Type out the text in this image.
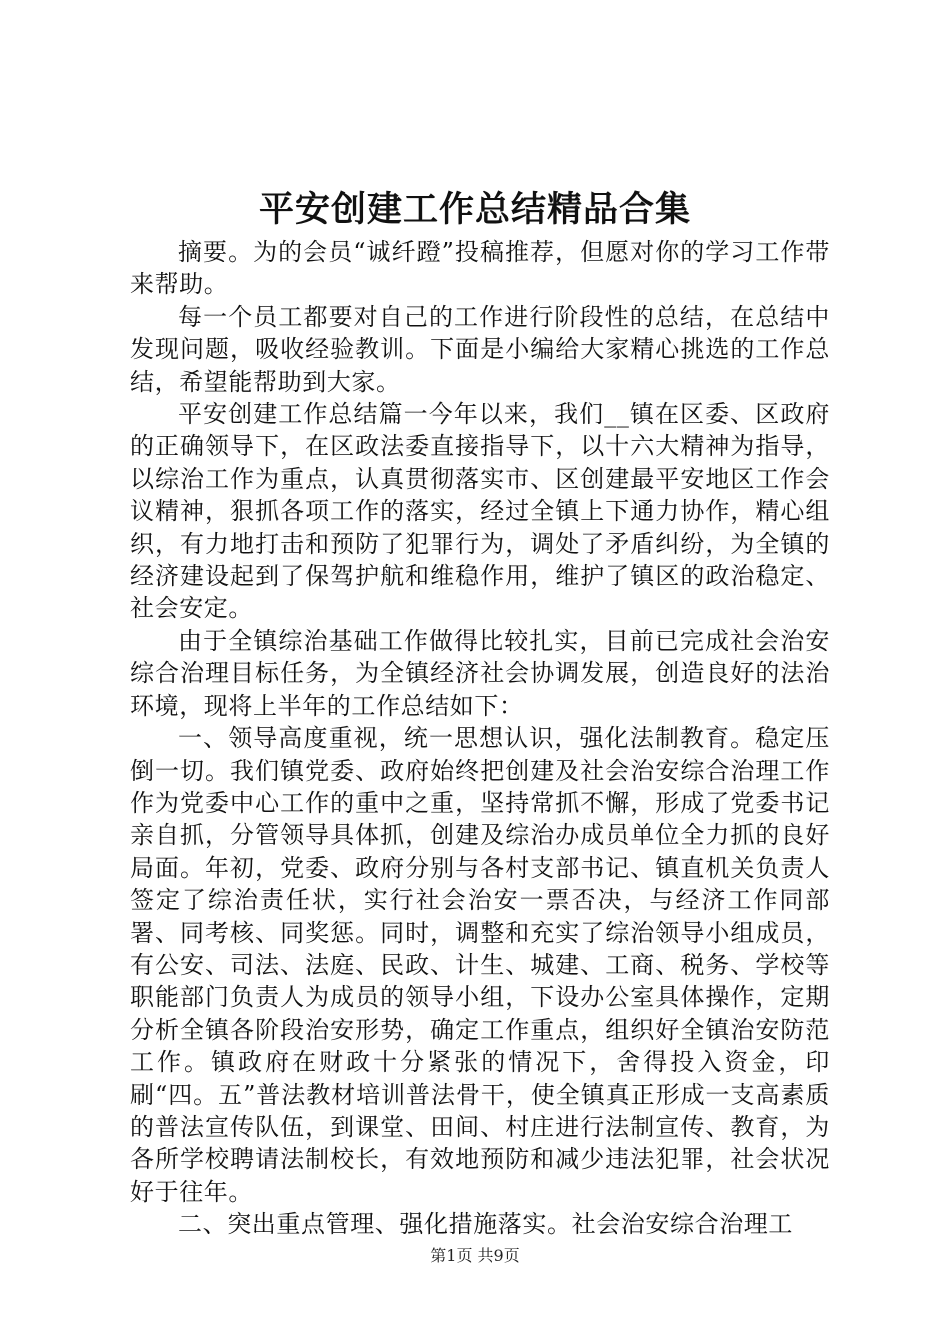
平安创建工作总结精品合集

摘要。为的会员“诚纤蹬”投稿推荐，但愿对你的学习工作带来帮助。

每一个员工都要对自己的工作进行阶段性的总结，在总结中发现问题，吸收经验教训。下面是小编给大家精心挑选的工作总结，希望能帮助到大家。

平安创建工作总结篇一今年以来，我们__镇在区委、区政府的正确领导下，在区政法委直接指导下，以十六大精神为指导，以综治工作为重点，认真贯彻落实市、区创建最平安地区工作会议精神，狠抓各项工作的落实，经过全镇上下通力协作，精心组织，有力地打击和预防了犯罪行为，调处了矛盾纠纷，为全镇的经济建设起到了保驾护航和维稳作用，维护了镇区的政治稳定、社会安定。

由于全镇综治基础工作做得比较扎实，目前已完成社会治安综合治理目标任务，为全镇经济社会协调发展，创造良好的法治环境，现将上半年的工作总结如下：

一、领导高度重视，统一思想认识，强化法制教育。稳定压倒一切。我们镇党委、政府始终把创建及社会治安综合治理工作作为党委中心工作的重中之重，坚持常抓不懈，形成了党委书记亲自抓，分管领导具体抓，创建及综治办成员单位全力抓的良好局面。年初，党委、政府分别与各村支部书记、镇直机关负责人签定了综治责任状，实行社会治安一票否决，与经济工作同部署、同考核、同奖惩。同时，调整和充实了综治领导小组成员，有公安、司法、法庭、民政、计生、城建、工商、税务、学校等职能部门负责人为成员的领导小组，下设办公室具体操作，定期分析全镇各阶段治安形势，确定工作重点，组织好全镇治安防范工作。镇政府在财政十分紧张的情况下，舍得投入资金，印刷“四。五”普法教材培训普法骨干，使全镇真正形成一支高素质的普法宣传队伍，到课堂、田间、村庄进行法制宣传、教育，为各所学校聘请法制校长，有效地预防和减少违法犯罪，社会状况好于往年。

二、突出重点管理、强化措施落实。社会治安综合治理工

第1页 共9页
